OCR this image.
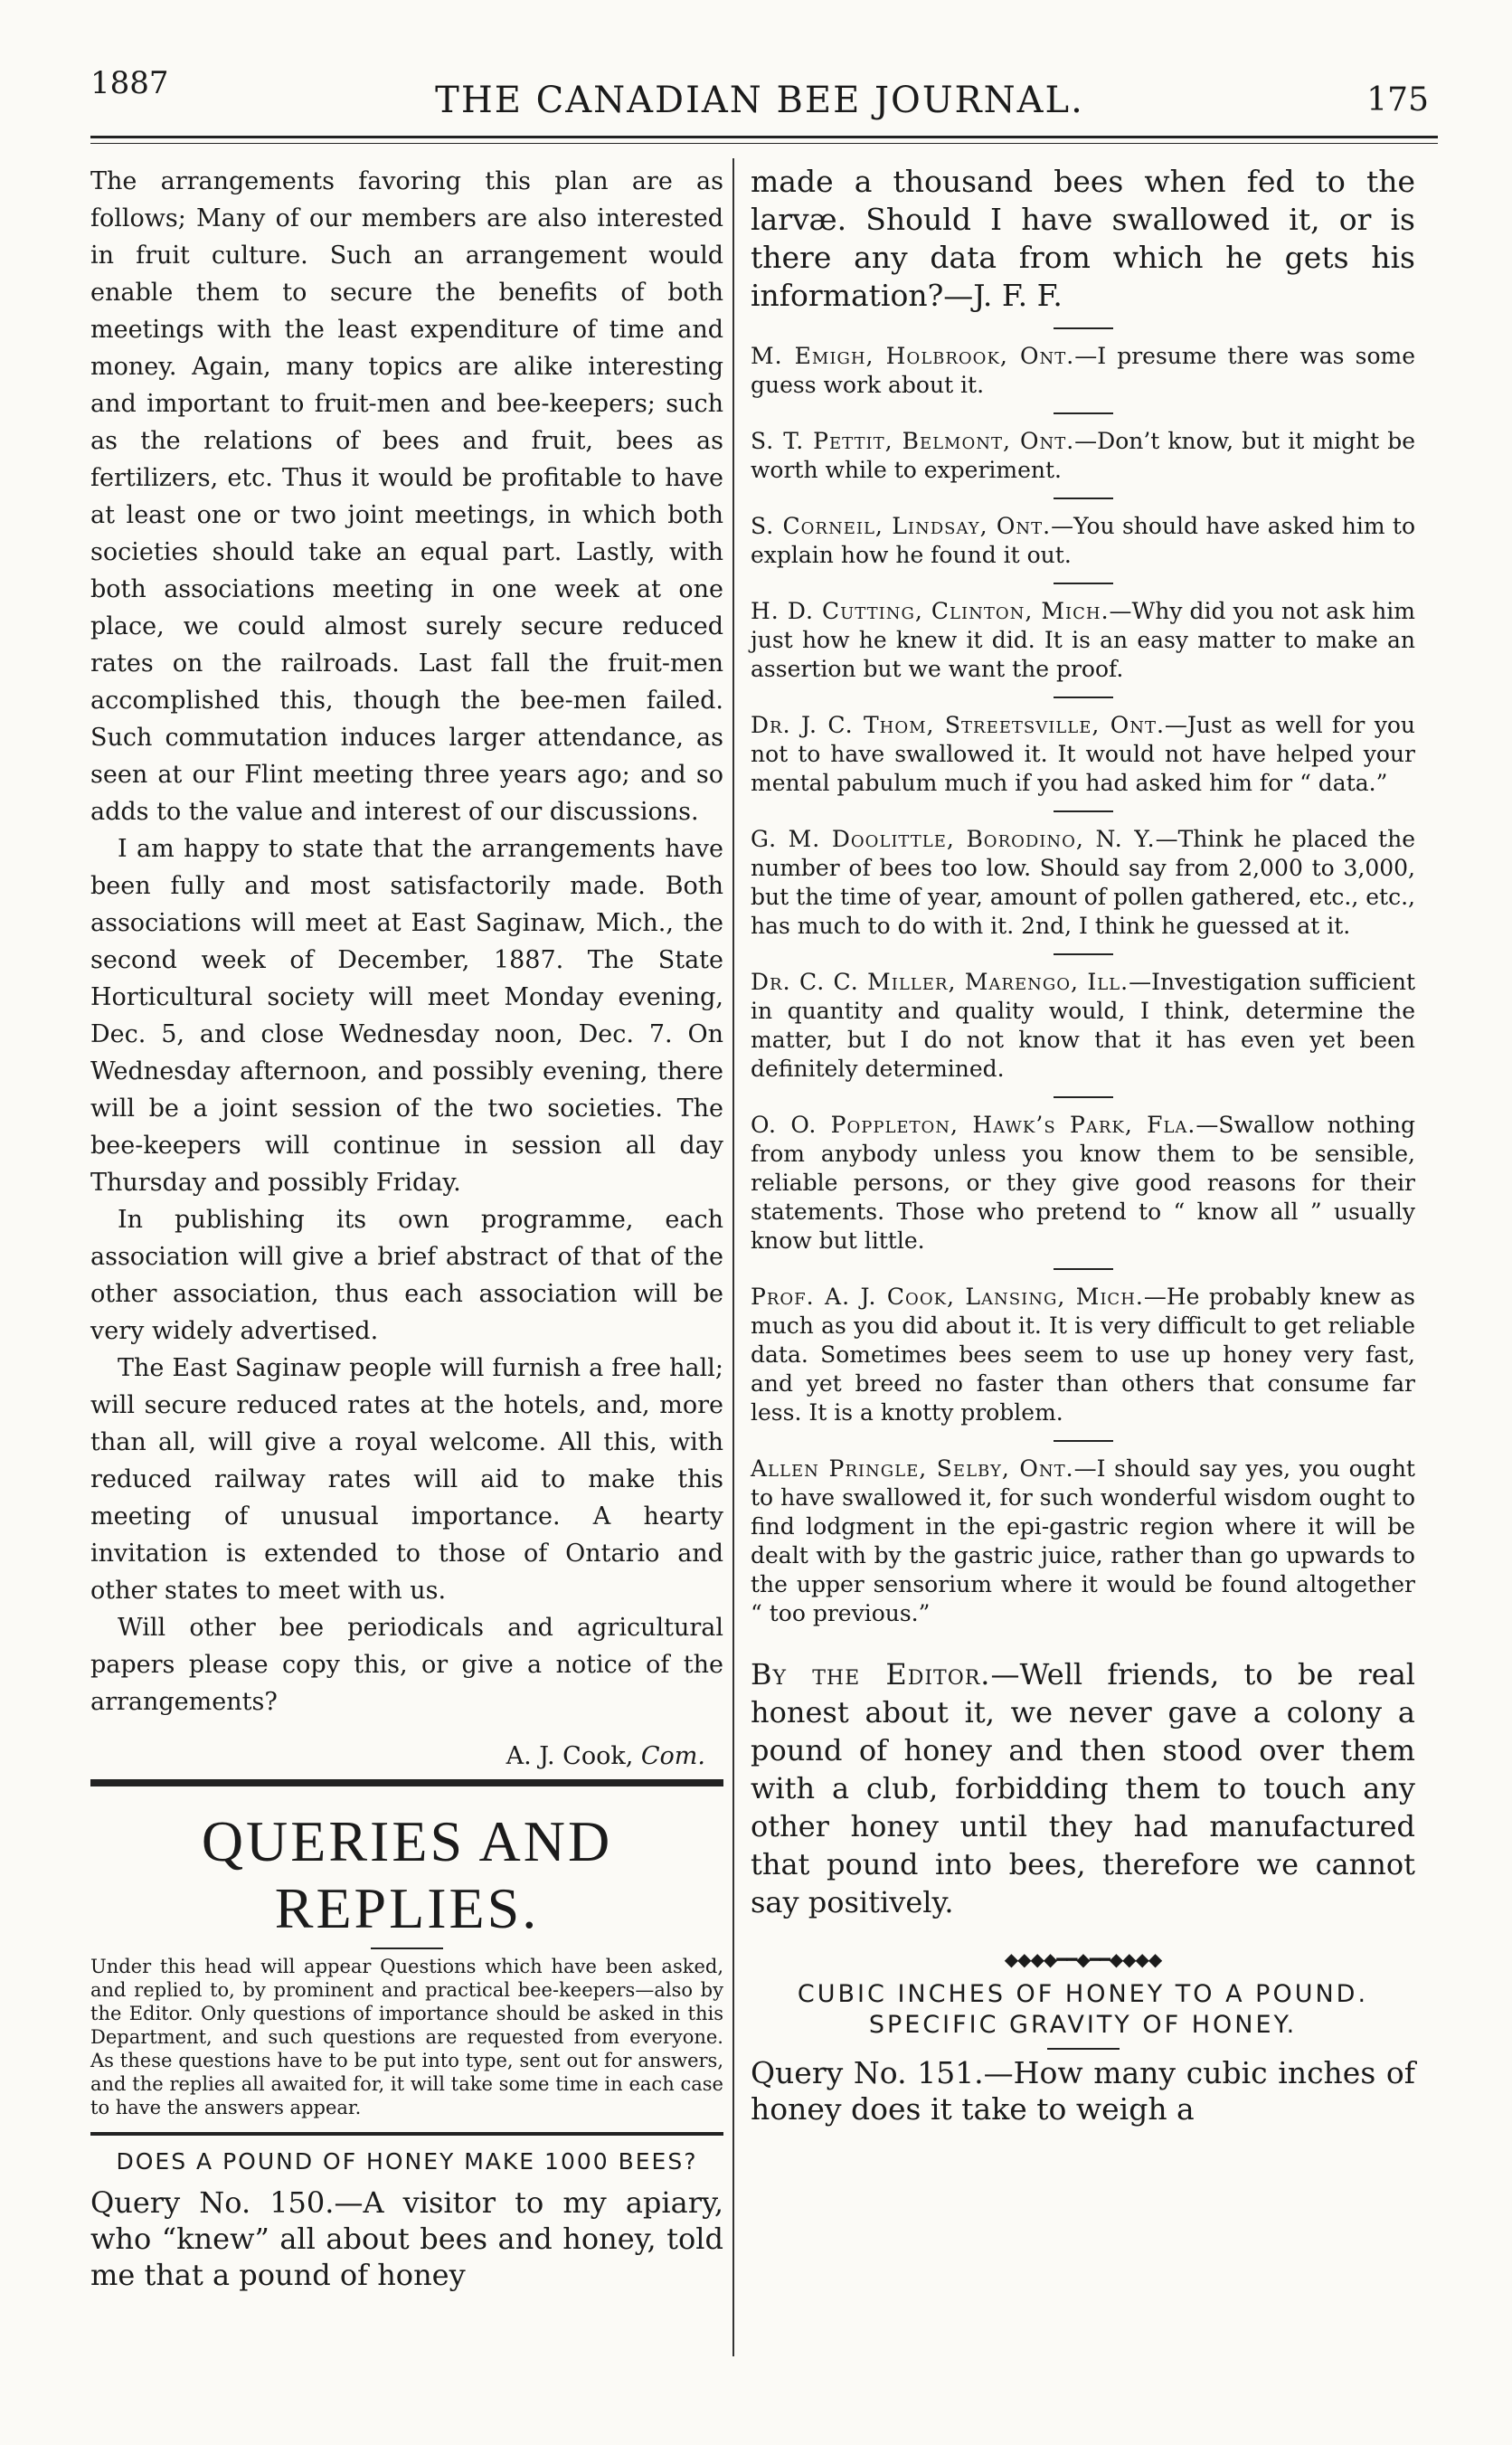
1887	THE CANADIAN BEE JOURNAL.	175

The arrangements favoring this plan are as follows; Many of our members are also interested in fruit culture. Such an arrangement would enable them to secure the benefits of both meetings with the least expenditure of time and money. Again, many topics are alike interesting and important to fruit-men and bee-keepers; such as the relations of bees and fruit, bees as fertilizers, etc. Thus it would be profitable to have at least one or two joint meetings, in which both societies should take an equal part. Lastly, with both associations meeting in one week at one place, we could almost surely secure reduced rates on the railroads. Last fall the fruit-men accomplished this, though the bee-men failed. Such commutation induces larger attendance, as seen at our Flint meeting three years ago; and so adds to the value and interest of our discussions.

I am happy to state that the arrangements have been fully and most satisfactorily made. Both associations will meet at East Saginaw, Mich., the second week of December, 1887. The State Horticultural society will meet Monday evening, Dec. 5, and close Wednesday noon, Dec. 7. On Wednesday afternoon, and possibly evening, there will be a joint session of the two societies. The bee-keepers will continue in session all day Thursday and possibly Friday.

In publishing its own programme, each association will give a brief abstract of that of the other association, thus each association will be very widely advertised.

The East Saginaw people will furnish a free hall; will secure reduced rates at the hotels, and, more than all, will give a royal welcome. All this, with reduced railway rates will aid to make this meeting of unusual importance. A hearty invitation is extended to those of Ontario and other states to meet with us.

Will other bee periodicals and agricultural papers please copy this, or give a notice of the arrangements?

A. J. Cook, Com.
QUERIES AND REPLIES.

Under this head will appear Questions which have been asked, and replied to, by prominent and practical bee-keepers—also by the Editor. Only questions of importance should be asked in this Department, and such questions are requested from everyone. As these questions have to be put into type, sent out for answers, and the replies all awaited for, it will take some time in each case to have the answers appear.

DOES A POUND OF HONEY MAKE 1000 BEES?

Query No. 150.—A visitor to my apiary, who “knew” all about bees and honey, told me that a pound of honey

made a thousand bees when fed to the larvæ. Should I have swallowed it, or is there any data from which he gets his information?—J. F. F.

M. Emigh, Holbrook, Ont.—I presume there was some guess work about it.

S. T. Pettit, Belmont, Ont.—Don’t know, but it might be worth while to experiment.

S. Corneil, Lindsay, Ont.—You should have asked him to explain how he found it out.

H. D. Cutting, Clinton, Mich.—Why did you not ask him just how he knew it did. It is an easy matter to make an assertion but we want the proof.

Dr. J. C. Thom, Streetsville, Ont.—Just as well for you not to have swallowed it. It would not have helped your mental pabulum much if you had asked him for “ data.”

G. M. Doolittle, Borodino, N. Y.—Think he placed the number of bees too low. Should say from 2,000 to 3,000, but the time of year, amount of pollen gathered, etc., etc., has much to do with it. 2nd, I think he guessed at it.

Dr. C. C. Miller, Marengo, Ill.—Investigation sufficient in quantity and quality would, I think, determine the matter, but I do not know that it has even yet been definitely determined.

O. O. Poppleton, Hawk’s Park, Fla.—Swallow nothing from anybody unless you know them to be sensible, reliable persons, or they give good reasons for their statements. Those who pretend to “ know all ” usually know but little.

Prof. A. J. Cook, Lansing, Mich.—He probably knew as much as you did about it. It is very difficult to get reliable data. Sometimes bees seem to use up honey very fast, and yet breed no faster than others that consume far less. It is a knotty problem.

Allen Pringle, Selby, Ont.—I should say yes, you ought to have swallowed it, for such wonderful wisdom ought to find lodgment in the epi-gastric region where it will be dealt with by the gastric juice, rather than go upwards to the upper sensorium where it would be found altogether “ too previous.”

By the Editor.—Well friends, to be real honest about it, we never gave a colony a pound of honey and then stood over them with a club, forbidding them to touch any other honey until they had manufactured that pound into bees, therefore we cannot say positively.

◆◆◆◆━━◆━━◆◆◆◆
CUBIC INCHES OF HONEY TO A POUND. SPECIFIC GRAVITY OF HONEY.

Query No. 151.—How many cubic inches of honey does it take to weigh a
